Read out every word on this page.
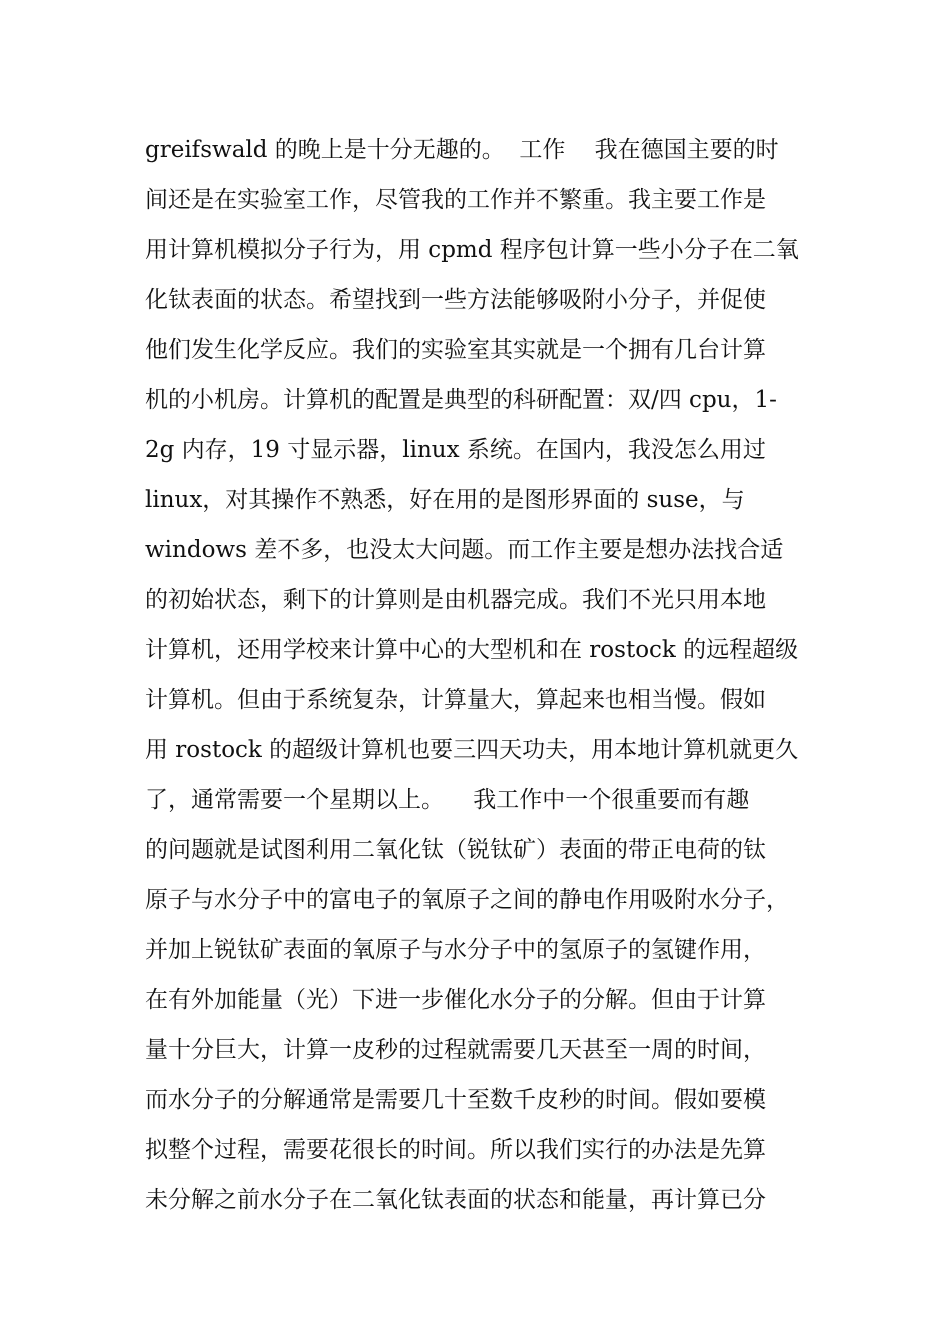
greifswald 的晚上是十分无趣的。  工作    我在德国主要的时
间还是在实验室工作，尽管我的工作并不繁重。我主要工作是
用计算机模拟分子行为，用 cpmd 程序包计算一些小分子在二氧
化钛表面的状态。希望找到一些方法能够吸附小分子，并促使
他们发生化学反应。我们的实验室其实就是一个拥有几台计算
机的小机房。计算机的配置是典型的科研配置：双/四 cpu，1-
2g 内存，19 寸显示器，linux 系统。在国内，我没怎么用过
linux，对其操作不熟悉，好在用的是图形界面的 suse，与
windows 差不多，也没太大问题。而工作主要是想办法找合适
的初始状态，剩下的计算则是由机器完成。我们不光只用本地
计算机，还用学校来计算中心的大型机和在 rostock 的远程超级
计算机。但由于系统复杂，计算量大，算起来也相当慢。假如
用 rostock 的超级计算机也要三四天功夫，用本地计算机就更久
了，通常需要一个星期以上。    我工作中一个很重要而有趣
的问题就是试图利用二氧化钛（锐钛矿）表面的带正电荷的钛
原子与水分子中的富电子的氧原子之间的静电作用吸附水分子，
并加上锐钛矿表面的氧原子与水分子中的氢原子的氢键作用，
在有外加能量（光）下进一步催化水分子的分解。但由于计算
量十分巨大，计算一皮秒的过程就需要几天甚至一周的时间，
而水分子的分解通常是需要几十至数千皮秒的时间。假如要模
拟整个过程，需要花很长的时间。所以我们实行的办法是先算
未分解之前水分子在二氧化钛表面的状态和能量，再计算已分
